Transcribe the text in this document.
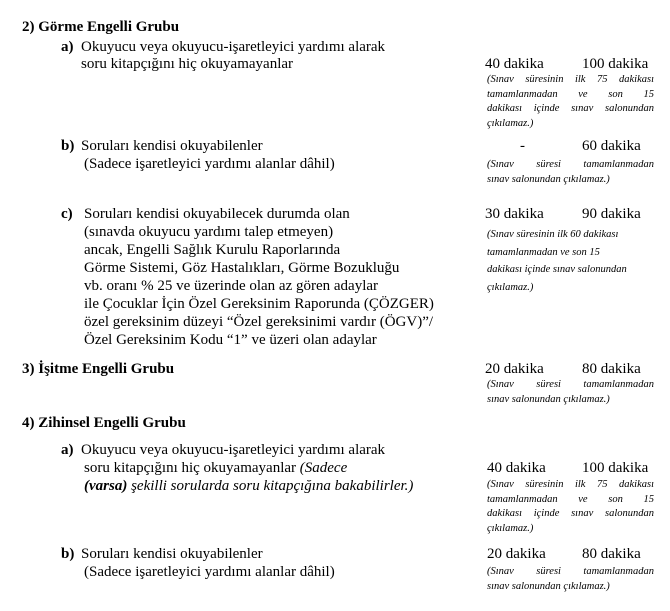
2) Görme Engelli Grubu
a) Okuyucu veya okuyucu-işaretleyici yardımı alarak
soru kitapçığını hiç okuyamayanlar	40 dakika	100 dakika
(Sınav süresinin ilk 75 dakikası
tamamlanmadan ve son 15
dakikası içinde sınav salonundan
çıkılamaz.)
b) Soruları kendisi okuyabilenler
(Sadece işaretleyici yardımı alanlar dâhil)
-	60 dakika
(Sınav süresi tamamlanmadan
sınav salonundan çıkılamaz.)
c) Soruları kendisi okuyabilecek durumda olan
(sınavda okuyucu yardımı talep etmeyen)
ancak, Engelli Sağlık Kurulu Raporlarında
Görme Sistemi, Göz Hastalıkları, Görme Bozukluğu
vb. oranı % 25 ve üzerinde olan az gören adaylar
ile Çocuklar İçin Özel Gereksinim Raporunda (ÇÖZGER)
özel gereksinim düzeyi “Özel gereksinimi vardır (ÖGV)”/
Özel Gereksinim Kodu “1” ve üzeri olan adaylar
30 dakika	90 dakika
(Sınav süresinin ilk 60 dakikası
tamamlanmadan ve son 15
dakikası içinde sınav salonundan
çıkılamaz.)
3) İşitme Engelli Grubu	20 dakika	80 dakika
(Sınav süresi tamamlanmadan
sınav salonundan çıkılamaz.)
4) Zihinsel Engelli Grubu
a) Okuyucu veya okuyucu-işaretleyici yardımı alarak
soru kitapçığını hiç okuyamayanlar (Sadece
(varsa) şekilli sorularda soru kitapçığına bakabilirler.)
40 dakika 100 dakika
(Sınav süresinin ilk 75 dakikası
tamamlanmadan ve son 15
dakikası içinde sınav salonundan
çıkılamaz.)
b) Soruları kendisi okuyabilenler
(Sadece işaretleyici yardımı alanlar dâhil)
20 dakika 80 dakika
(Sınav süresi tamamlanmadan
sınav salonundan çıkılamaz.)
